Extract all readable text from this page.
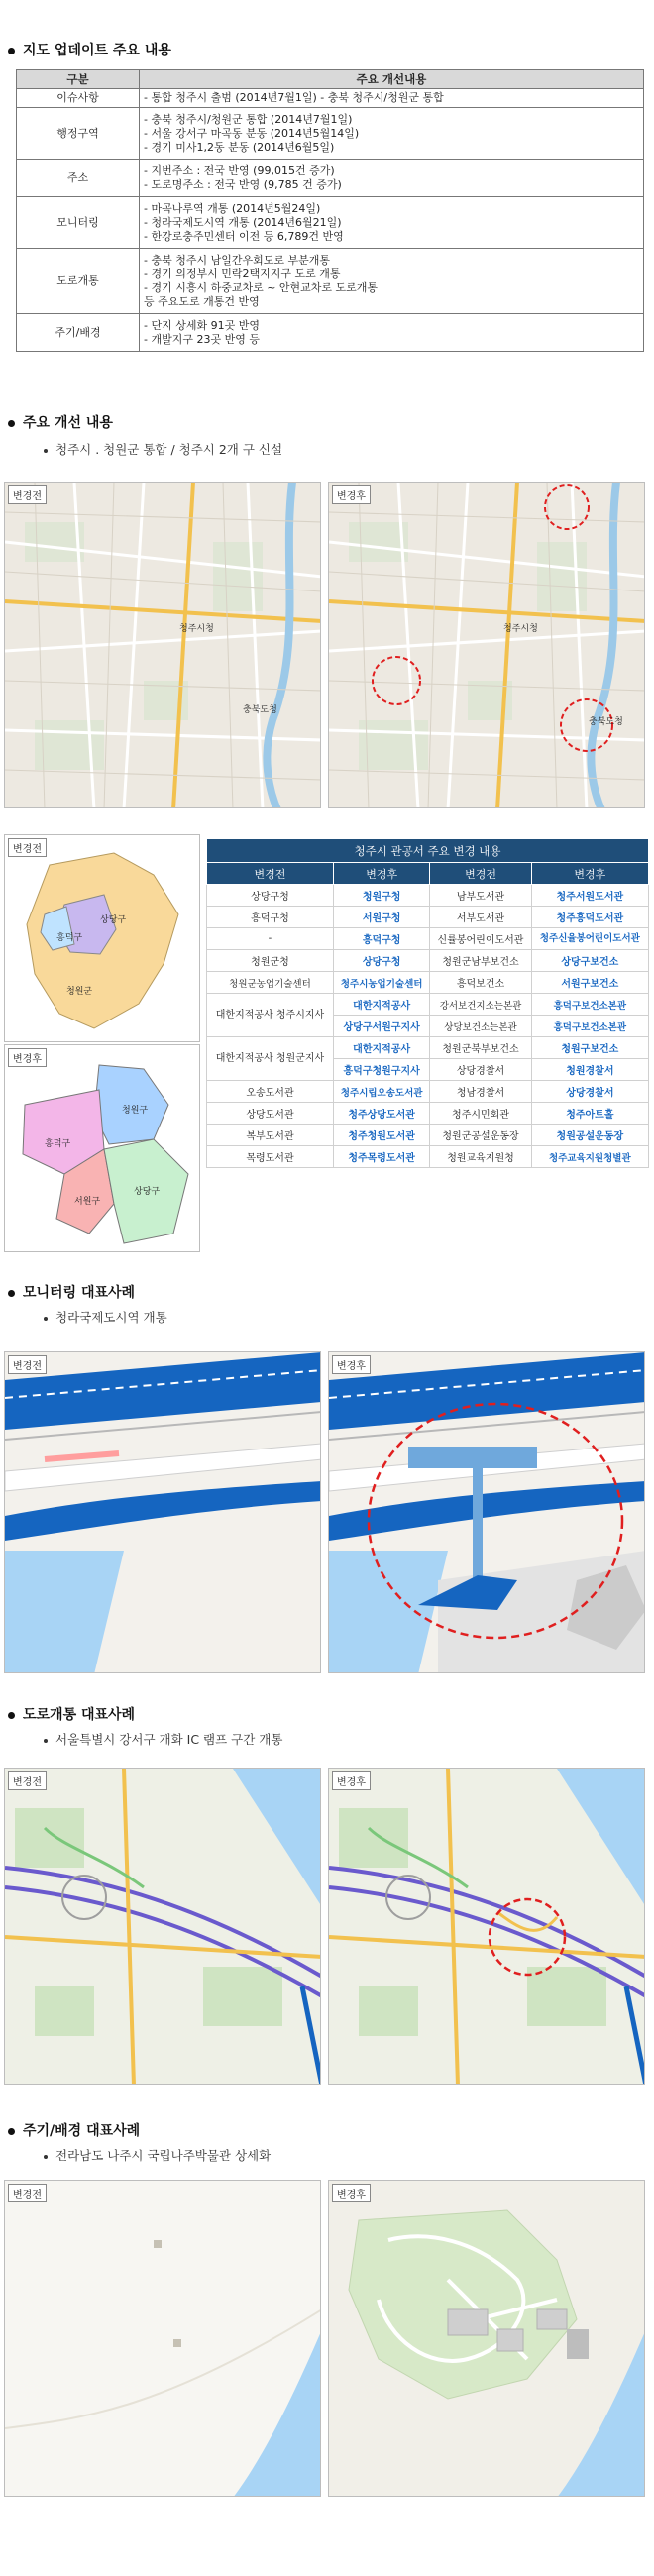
지도 업데이트 주요 내용
구분	주요 개선내용
이슈사항	- 통합 청주시 출범 (2014년7월1일) - 충북 청주시/청원군 통합

행정구역	- 충북 청주시/청원군 통합 (2014년7월1일)
- 서울 강서구 마곡동 분동 (2014년5월14일)
- 경기 미사1,2동 분동 (2014년6월5일)

주소	- 지번주소 : 전국 반영 (99,015건 증가)
- 도로명주소 : 전국 반영 (9,785 건 증가)

모니터링	- 마곡나루역 개통 (2014년5월24일)
- 청라국제도시역 개통 (2014년6월21일)
- 한강로충주민센터 이전 등 6,789건 반영

도로개통	- 충북 청주시 남일간우회도로 부분개통
- 경기 의정부시 민락2택지지구 도로 개통
- 경기 시흥시 하중교차로 ~ 안현교차로 도로개통
등 주요도로 개통건 반영

주기/배경	- 단지 상세화 91곳 반영
- 개발지구 23곳 반영 등
주요 개선 내용
청주시 . 청원군 통합 / 청주시 2개 구 신설
변경전
청주시청
충북도청
변경후
청주시청
충북도청
변경전
상당구
흥덕구
청원군
변경후
청원구
흥덕구
서원구
상당구
청주시 관공서 주요 변경 내용			
변경전	변경후	변경전	변경후
상당구청	청원구청	남부도서관	청주서원도서관
흥덕구청	서원구청	서부도서관	청주흥덕도서관
-	흥덕구청	신률봉어린이도서관	청주신율봉어린이도서관
청원군청	상당구청	청원군남부보건소	상당구보건소
청원군농업기술센터	청주시농업기술센터	흥덕보건소	서원구보건소
대한지적공사 청주시지사	대한지적공사	강서보건지소는본관	흥덕구보건소본관
	상당구서원구지사	상당보건소는본관	흥덕구보건소본관
대한지적공사 청원군지사	대한지적공사	청원군북부보건소	청원구보건소
	흥덕구청원구지사	상당경찰서	청원경찰서
오송도서관	청주시립오송도서관	청남경찰서	상당경찰서
상당도서관	청주상당도서관	청주시민회관	청주아트홀
복부도서관	청주청원도서관	청원군공설운동장	청원공설운동장
목령도서관	청주목령도서관	청원교육지원청	청주교육지원청별관
모니터링 대표사례
청라국제도시역 개통
변경전	변경후
도로개통 대표사례
서울특별시 강서구 개화 IC 램프 구간 개통
변경전	변경후
주기/배경 대표사례
전라남도 나주시 국립나주박물관 상세화
변경전	변경후
